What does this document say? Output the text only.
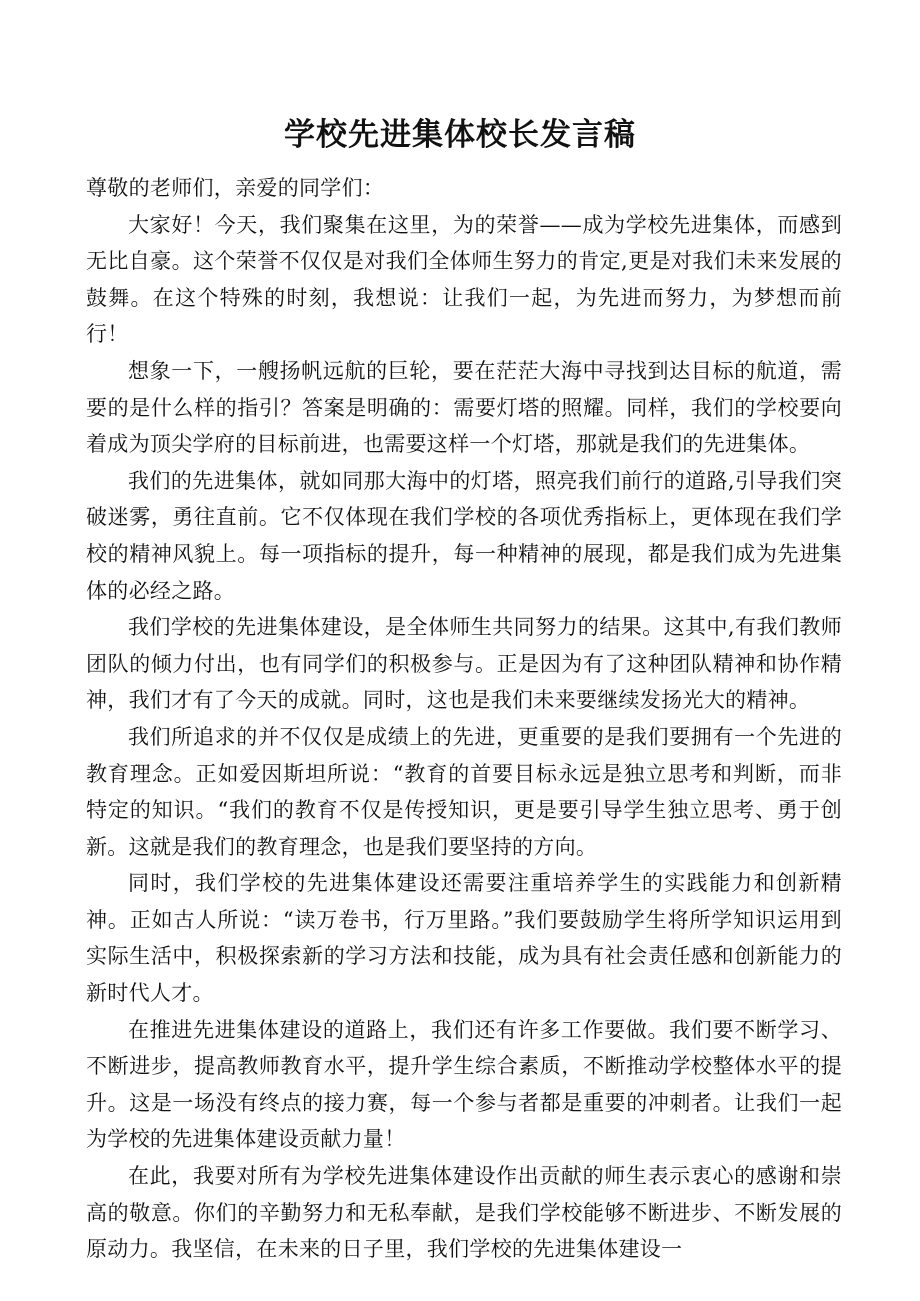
学校先进集体校长发言稿

尊敬的老师们，亲爱的同学们：

大家好！今天，我们聚集在这里，为的荣誉——成为学校先进集体，而感到无比自豪。这个荣誉不仅仅是对我们全体师生努力的肯定,更是对我们未来发展的鼓舞。在这个特殊的时刻，我想说：让我们一起，为先进而努力，为梦想而前行！

想象一下，一艘扬帆远航的巨轮，要在茫茫大海中寻找到达目标的航道，需要的是什么样的指引？答案是明确的：需要灯塔的照耀。同样，我们的学校要向着成为顶尖学府的目标前进，也需要这样一个灯塔，那就是我们的先进集体。

我们的先进集体，就如同那大海中的灯塔，照亮我们前行的道路,引导我们突破迷雾，勇往直前。它不仅体现在我们学校的各项优秀指标上，更体现在我们学校的精神风貌上。每一项指标的提升，每一种精神的展现，都是我们成为先进集体的必经之路。

我们学校的先进集体建设，是全体师生共同努力的结果。这其中,有我们教师团队的倾力付出，也有同学们的积极参与。正是因为有了这种团队精神和协作精神，我们才有了今天的成就。同时，这也是我们未来要继续发扬光大的精神。

我们所追求的并不仅仅是成绩上的先进，更重要的是我们要拥有一个先进的教育理念。正如爱因斯坦所说：“教育的首要目标永远是独立思考和判断，而非特定的知识。“我们的教育不仅是传授知识，更是要引导学生独立思考、勇于创新。这就是我们的教育理念，也是我们要坚持的方向。

同时，我们学校的先进集体建设还需要注重培养学生的实践能力和创新精神。正如古人所说：“读万卷书，行万里路。”我们要鼓励学生将所学知识运用到实际生活中，积极探索新的学习方法和技能，成为具有社会责任感和创新能力的新时代人才。

在推进先进集体建设的道路上，我们还有许多工作要做。我们要不断学习、不断进步，提高教师教育水平，提升学生综合素质，不断推动学校整体水平的提升。这是一场没有终点的接力赛，每一个参与者都是重要的冲刺者。让我们一起为学校的先进集体建设贡献力量！

在此，我要对所有为学校先进集体建设作出贡献的师生表示衷心的感谢和崇高的敬意。你们的辛勤努力和无私奉献，是我们学校能够不断进步、不断发展的原动力。我坚信，在未来的日子里，我们学校的先进集体建设一
